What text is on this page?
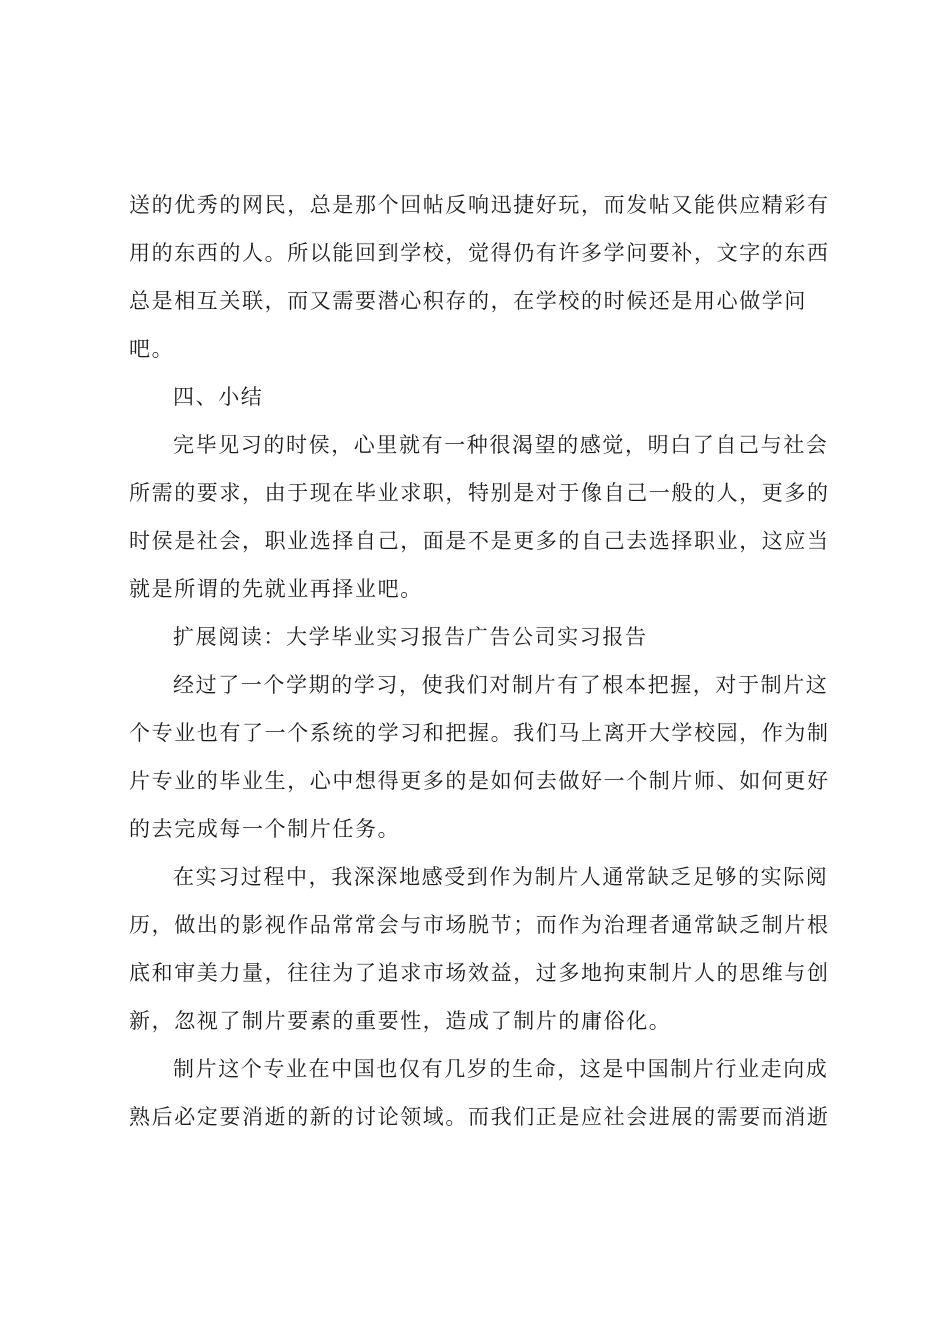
送的优秀的网民，总是那个回帖反响迅捷好玩，而发帖又能供应精彩有
用的东西的人。所以能回到学校，觉得仍有许多学问要补，文字的东西
总是相互关联，而又需要潜心积存的，在学校的时候还是用心做学问
吧。

四、小结

完毕见习的时侯，心里就有一种很渴望的感觉，明白了自己与社会
所需的要求，由于现在毕业求职，特别是对于像自己一般的人，更多的
时侯是社会，职业选择自己，面是不是更多的自己去选择职业，这应当
就是所谓的先就业再择业吧。

扩展阅读：大学毕业实习报告广告公司实习报告

经过了一个学期的学习，使我们对制片有了根本把握，对于制片这
个专业也有了一个系统的学习和把握。我们马上离开大学校园，作为制
片专业的毕业生，心中想得更多的是如何去做好一个制片师、如何更好
的去完成每一个制片任务。

在实习过程中，我深深地感受到作为制片人通常缺乏足够的实际阅
历，做出的影视作品常常会与市场脱节；而作为治理者通常缺乏制片根
底和审美力量，往往为了追求市场效益，过多地拘束制片人的思维与创
新，忽视了制片要素的重要性，造成了制片的庸俗化。

制片这个专业在中国也仅有几岁的生命，这是中国制片行业走向成
熟后必定要消逝的新的讨论领域。而我们正是应社会进展的需要而消逝
